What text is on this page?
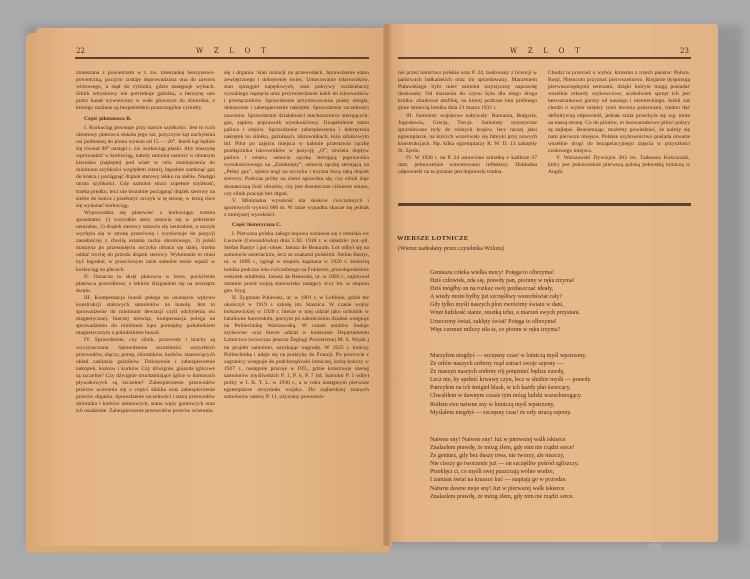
22	W Z L O T	W Z L O T	23

zmieszana z powietrzem w t. zw. mieszankę benzynowo-powietrzną, poczym zostaje doprowadzona ona do zaworu wlotowego, a stąd do cylindra, gdzie następuje wybuch. Silnik wtryskowy nie potrzebuje gaźnika, a benzynę ssie przez kanał wywiercony w wale głównym do zbiornika, z którego zasilane są bezpośrednio poszczególne cylindry.

Część pilotażowa B.

I. Korkociąg powstaje przy starcie szybkości. Jest to ruch obrotowy płatowca dokoła jego osi, przyczym kąt nachylenia osi podłużnej do pionu wynosi od 15 — 20°. Jeżeli kąt będzie się równał 90° nastąpi t. zw. korkociąg płaski. Aby maszynę wprowadzić w korkociąg, należy samolot ustawić w obranym kierunku (najlepiej pod wiatr w celu zmniejszenia do minimum szybkości względem ziemi), łagodnie zamknąć gaz do końca i pociągnąć drążek sterowy lekko na siebie. Nastąpi utrata szybkości. Gdy samolot straci zupełnie szybkość, trzeba prędko, lecz nie brutalnie pociągnąć drążek sterowy na siebie do końca i przełożyć orczyk w tę stronę, w którą chce się wykonać korkociąg.

Wyprowadza się płatowiec z korkociągu trzema sposobami: 1) wszystkie stery ustawia się w położenie neutralne, 2) drążek sterowy ustawia się neutralnie, a orczyk wychyla się w stronę przeciwną i wyrównuje do pozycji zasadniczej z chwilą ustania ruchu obrotowego, 3) jeżeli maszyna po przesunięciu orczyka obraca się dalej, trzeba oddać trochę do przodu drążek sterowy. Wykonanie to musi być łagodne, w przeciwnym razie samolot może wpaść w korkociąg na plecach.

II. Oznacza to skręt płatowca w lewo, pochylenie płatowca prawidłowe, z lekkim ślizganiem się na zewnątrz skrętu.

III. Kompensacja busoli polega na usunięciu wpływu konstrukcji stalowych samolotów na busolę. Jest to sprowadzenie do minimum dewiacji czyli odchylenia osi magnetycznej. Inaczej mówiąc, kompensacja polega na sprowadzeniu do minimum kąta pomiędzy południkiem magnetycznym a południkiem busoli.

IV. Sprawdzenie, czy silnik, przewody i blachy są wyczyszczone. Sprawdzenie szczelności wszystkich przewodów, złączy, pomp, zbiorników, kurków, stanowiących układ zasilania gaźników. Dokręcenie i zabezpieczenie nakrętek, korków i kurków. Czy dźwignie, gniazda iglicowe są szczelne? Czy dźwignie uruchamiające iglice w komorach pływakowych są szczelne? Zabezpieczenie przewodów przeciw ocieraniu się o części silnika oraz zabezpieczenie przeciw drganiu. Sprawdzenie szczelności i stanu przewodów zbiornika i kurków smarowych, stanu węży gumowych oraz ich osadzenie. Zabezpieczenie przewodów przeciw ocieraniu

się i drganiu. Stan izolacji na przewodach. Sprawdzenie stanu zewnętrznego i dokręcenie świec. Umocowanie iskrowników, stan sprzęgieł napędowych, stan pokrywy rozdzielaczy wysokiego napięcia oraz przytwierdzenie kabli do iskrowników i przełączników. Sprawdzenie przymocowania piasty śmigła, dokręcenie i zabezpieczenie nakrętek. Sprawdzenie szczelności zaworów. Sprawdzenie działalności mechanizmów sterujących: gaz, zapłon, poprawnik wysokościowy. Uzupełnienie stanu paliwa i olejów. Sprawdzenie zabezpieczenia i dokręcenia nakrętek na silniku, gaźnikach, iskrownikach, łożu silnikowym itd. Pilot po zajęciu miejsca w kabinie przestawia rączkę przełącznika iskrowników w pozycję „O”, otwiera dopływ paliwa i smaru, ustawia rączkę sterującą poprawnika wysokościowego na „Zamknięty”, ustawia rączkę sterującą na „Pełny gaz”, opiera nogi na orczyku i trzyma lewą ręką drążek sterowy. Podczas próby na ziemi sprawdza się, czy silnik daje dostateczną ilość obrotów, czy jest dostateczne ciśnienie smaru, czy silnik pracuje bez drgań.

V. Minimalna wysokość dla skoków ćwiczebnych i sportowych wynosi 600 m. W razie wypadku skacze się jednak z mniejszej wysokości.

Część historyczna C.

I. Pierwsza polska załoga bojowa wzniosła się z lotniska we Lwowie (Lewandówka) dnia 5.XI. 1918 r. w składzie: por.-pil. Stefan Bastyr i por.-obser. Janusz de Beaurain. Lot odbył się na samolocie austriackim, lecz ze znakami polskimi. Stefan Bastyr, ur. w 1890 r., zginął w stopniu kapitana w 1920 r. śmiercią lotnika podczas lotu ćwiczebnego na Fokkerze, prawdopodobnie wskutek omdlenia. Janusz de Beaurain, ur. w 1893 r., zajmował ostatnio przed wojną stanowisko zastępcy d-cy lot. w stopniu gen. bryg.

II. Zygmunt Puławski, ur. w 1901 r. w Lublinie, gdzie też ukończył w 1919 r. szkołę im. Staszica. W czasie wojny bolszewickiej w 1920 r. bierze w niej udział jako ochotnik w batalionie harcerskim, poczym po zakończeniu działań wstępuje na Politechnikę Warszawską. W czasie studiów buduje szybowiec oraz bierze udział w konkursie Departamentu Lotnictwa (wówczas jeszcze Żeglugi Powietrznej M. S. Wojsk.) na projekt samolotu, uzyskując nagrodę. W 1925 r. kończy Politechnikę i udaje się na praktykę do Francji. Po powrocie z zagranicy wstępuje do podchorążówki lotniczej, którą kończy w 1927 r., następnie pracuje w PZL, gdzie konstruuje szereg samolotów myśliwskich P. 1, P. 6, P. 7 itd. Samolot P. 1 odbył próby w I. B. T. L. w 1930 r., a w roku następnym pierwsze egzemplarze otrzymało wojsko. Do najbardziej znanych samolotów należy P. 11, używany powszech-

nie przez lotnictwo polskie oraz P. 24, budowany z licencji w państwach bałkańskich oraz im sprzedawany. Marzeniem Puławskiego było mieć samolot turystyczny naprawdę doskonały. Od marzenia do czynu była dla niego droga krótka: zbudował amfibię, na której podczas lotu próbnego ginie śmiercią lotnika dnia 21 marca 1931 r.

III. Samoloty wojskowe nabywały: Rumunia, Bułgaria, Jugosławia, Grecja, Turcja. Samoloty turystyczne sprzedawane były do różnych krajów, lecz raczej jako egzemplarze, na których wzorowały się fabryki przy nowych konstrukcjach. Np. kilka egzemplarzy R. W. D. 13 zakupiły St. Zjedn.

IV. W 1936 r. na P. 24 ustawiono armatkę o kalibrze 37 mm; jednocześnie wmontowano reflektory. Dokładna odpowiedź na to pytanie jest doprawdy trudna.

Chodzi tu przecież o wybór, któremu z trzech państw: Polsce, Rosji, Niemcom przyznać pierwszeństwo. Rosjanie dysponują pierwszorzędnymi terenami, dzięki którym mogą posiadać wszelkie rekordy szybowcowe, aczkolwiek sprzęt ich jest bezwarunkowo gorszy od naszego i niemieckiego. Jeżeli zaś chodzi o wybór między tymi dwoma państwami, trudno dać definitywną odpowiedź, jednak szala przechyla się wg. mnie na naszą stronę. Co do pilotów, to bezwarunkowo piloci polscy są najlepsi. Reasumując, możemy powiedzieć, że należy się nam pierwsze miejsce. Polskie szybownictwo posiada otwarte wszelkie drogi do bezapelacyjnego zajęcia w przyszłości czołowego miejsca.

V. Warszawski Dywizjon 303 im. Tadeusza Kościuszki, który jest jednocześnie pierwszą polską jednostką lotniczą w Anglii.

WIERSZE LOTNICZE
(Wiersz nadesłany przez czytelnika Wzlotu)
Geniuszu człeka wielka mocy! Potęga to olbrzyma!
Dziś człowiek, zda się, prawdy pan, pioruny w ręku trzyma!
Dziś mógłby on na rozkaz swój pozłaszczać ideały,
A wiedy może byłby już szczęśliwy wszechświat cały?
Gdy tylko myśli naszych plon zwrócimy światu w dani,
Wnet ludzkość stanie, resztką tchu, u marzeń swych przystani.
Urzeczony świat, zaklęty świat! Potęga to olbrzyma!
Więc czemuż milczy siła ta, co piorun w ręku trzyma?
Marzyłem niegdyś — szczęsny czas! w lotniczą myśl wpatrzony,
Że orłów naszych srebrny rząd zatraci swoje szpony —
Że maszyn naszych srebrny rój potężnieć będzie zawdy,
Lecz nie, by spełnić krwawy czyn, lecz w służbie myśli — prawdy.
Patrzyłem na ich śmigieł blask, w ich każdy płat świecący,
Chwaliłem w dawnym czasie tym mózg ludzki wszechmogący.
Roiłem swe naiwne sny w lotniczą myśl wpatrzony,
Myślałem niegdyś — szczęsny czas! że orły stracą szpony.
Naiwne sny! Naiwne sny! Już w pierwszej walk iskierce
Znalazłem prawdę, że mózg złem, gdy nim nie rządzi serce!
Że geniusz, gdy bez duszy trwa, nie tworzy, ale niszczy,
Nie cieszy go tworzenie już — on szczęśliw pośród zgliszczy.
Przeklęci ci, co myśli swej puszczają wolno wodze,
I zamiast świat na kruszce kuć — stapiają go w pożodze.
Naiwne dawne moje sny! Już w pierwszej walk iskierce
Znalazłem prawdę, że mózg złem, gdy nim nie rządzi serce.
